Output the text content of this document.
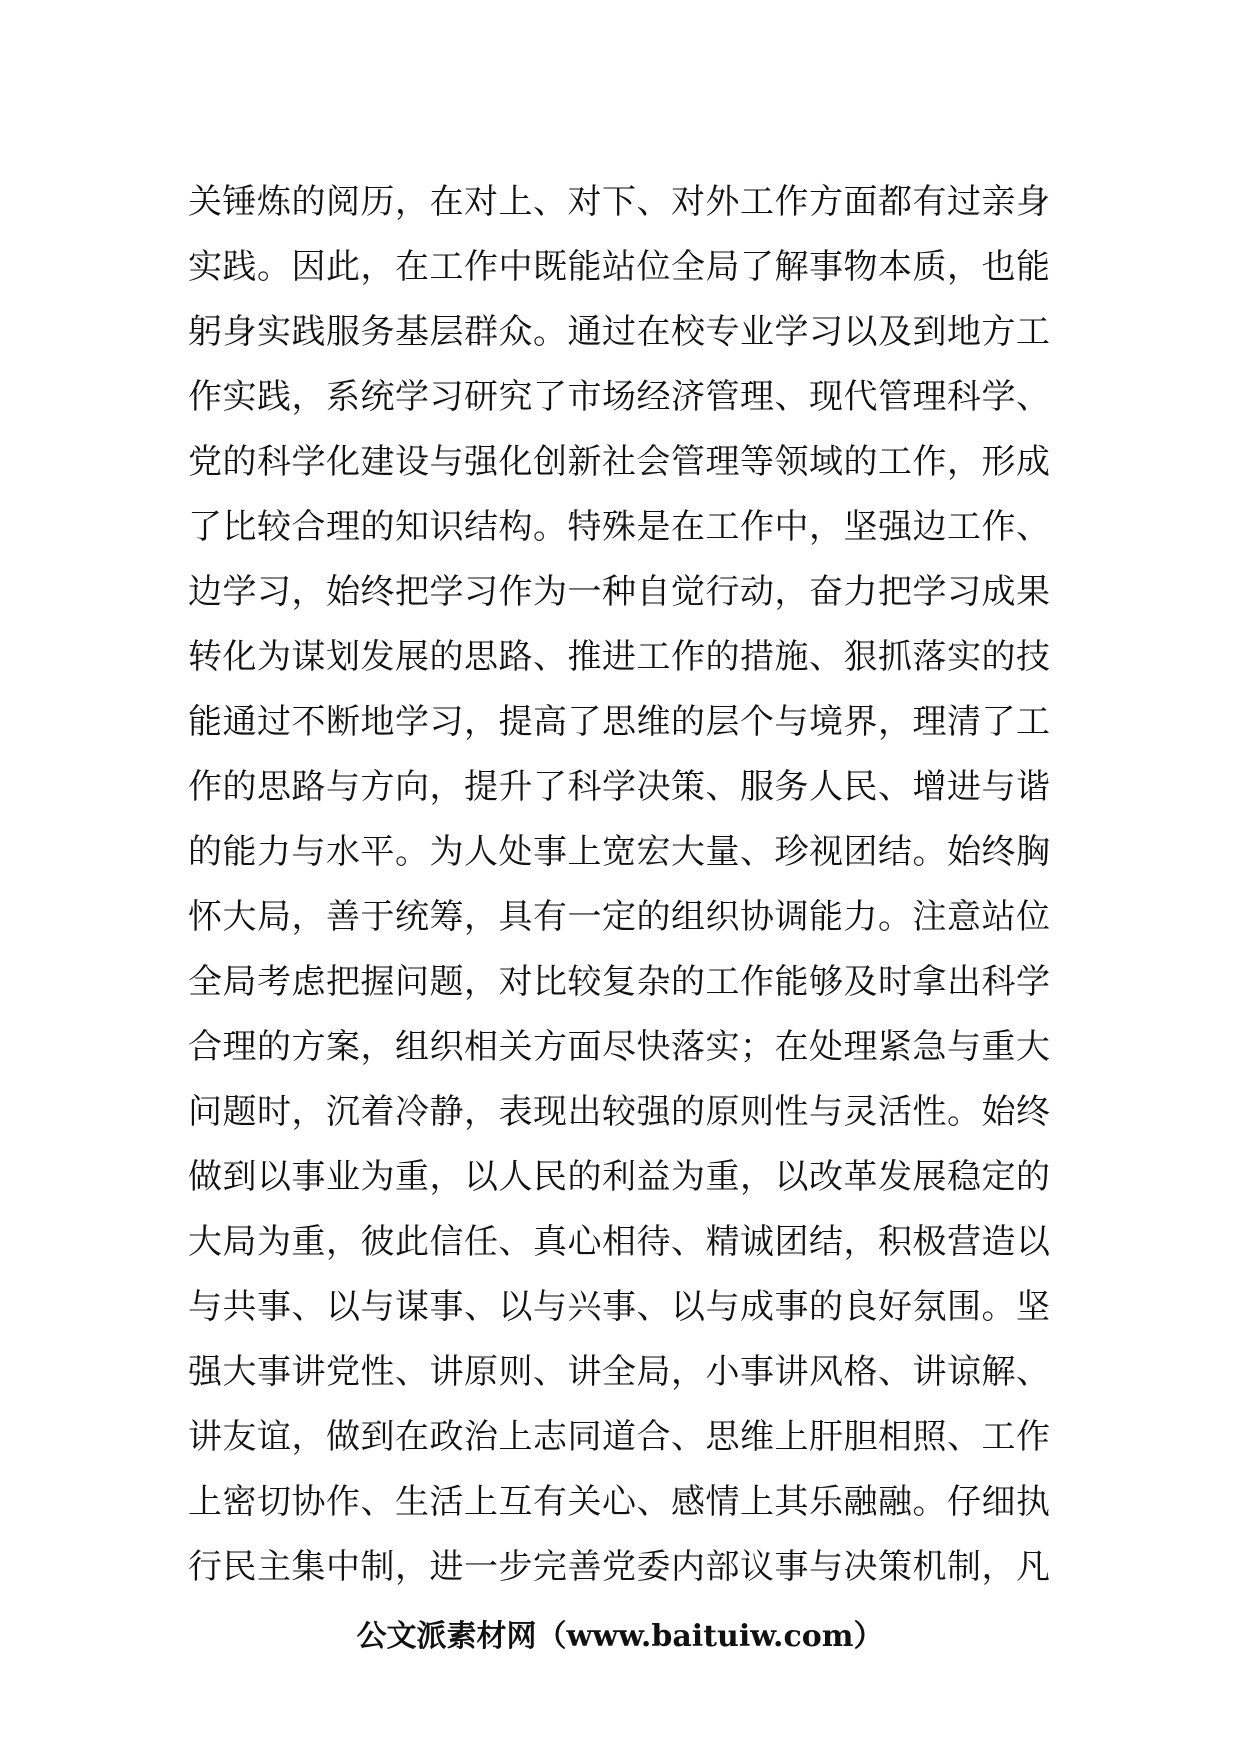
关锤炼的阅历，在对上、对下、对外工作方面都有过亲身
实践。因此，在工作中既能站位全局了解事物本质，也能
躬身实践服务基层群众。通过在校专业学习以及到地方工
作实践，系统学习研究了市场经济管理、现代管理科学、
党的科学化建设与强化创新社会管理等领域的工作，形成
了比较合理的知识结构。特殊是在工作中，坚强边工作、
边学习，始终把学习作为一种自觉行动，奋力把学习成果
转化为谋划发展的思路、推进工作的措施、狠抓落实的技
能通过不断地学习，提高了思维的层个与境界，理清了工
作的思路与方向，提升了科学决策、服务人民、增进与谐
的能力与水平。为人处事上宽宏大量、珍视团结。始终胸
怀大局，善于统筹，具有一定的组织协调能力。注意站位
全局考虑把握问题，对比较复杂的工作能够及时拿出科学
合理的方案，组织相关方面尽快落实；在处理紧急与重大
问题时，沉着冷静，表现出较强的原则性与灵活性。始终
做到以事业为重，以人民的利益为重，以改革发展稳定的
大局为重，彼此信任、真心相待、精诚团结，积极营造以
与共事、以与谋事、以与兴事、以与成事的良好氛围。坚
强大事讲党性、讲原则、讲全局，小事讲风格、讲谅解、
讲友谊，做到在政治上志同道合、思维上肝胆相照、工作
上密切协作、生活上互有关心、感情上其乐融融。仔细执
行民主集中制，进一步完善党委内部议事与决策机制，凡
公文派素材网（www.baituiw.com）
